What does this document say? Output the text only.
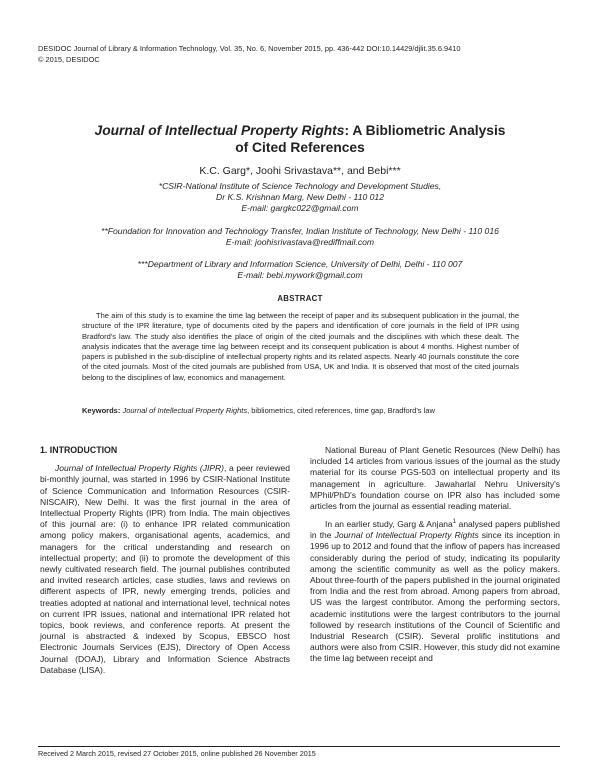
DESIDOC Journal of Library & Information Technology, Vol. 35, No. 6, November 2015, pp. 436-442 DOI:10.14429/djlit.35.6.9410
© 2015, DESIDOC
Journal of Intellectual Property Rights: A Bibliometric Analysis
of Cited References
K.C. Garg*, Joohi Srivastava**, and Bebi***
*CSIR-National Institute of Science Technology and Development Studies,
Dr K.S. Krishnan Marg, New Delhi - 110 012
E-mail: gargkc022@gmail.com
**Foundation for Innovation and Technology Transfer, Indian Institute of Technology, New Delhi - 110 016
E-mail: joohisrivastava@rediffmail.com
***Department of Library and Information Science, University of Delhi, Delhi - 110 007
E-mail: bebi.mywork@gmail.com
ABSTRACT

The aim of this study is to examine the time lag between the receipt of paper and its subsequent publication in the journal, the structure of the IPR literature, type of documents cited by the papers and identification of core journals in the field of IPR using Bradford's law. The study also identifies the place of origin of the cited journals and the disciplines with which these dealt. The analysis indicates that the average time lag between receipt and its consequent publication is about 4 months. Highest number of papers is published in the sub-discipline of intellectual property rights and its related aspects. Nearly 40 journals constitute the core of the cited journals. Most of the cited journals are published from USA, UK and India. It is observed that most of the cited journals belong to the disciplines of law, economics and management.

Keywords: Journal of Intellectual Property Rights, bibliometrics, cited references, time gap, Bradford's law

1. INTRODUCTION

Journal of Intellectual Property Rights (JIPR), a peer reviewed bi-monthly journal, was started in 1996 by CSIR-National Institute of Science Communication and Information Resources (CSIR-NISCAIR), New Delhi. It was the first journal in the area of Intellectual Property Rights (IPR) from India. The main objectives of this journal are: (i) to enhance IPR related communication among policy makers, organisational agents, academics, and managers for the critical understanding and research on intellectual property; and (ii) to promote the development of this newly cultivated research field. The journal publishes contributed and invited research articles, case studies, laws and reviews on different aspects of IPR, newly emerging trends, policies and treaties adopted at national and international level, technical notes on current IPR issues, national and international IPR related hot topics, book reviews, and conference reports. At present the journal is abstracted & indexed by Scopus, EBSCO host Electronic Journals Services (EJS), Directory of Open Access Journal (DOAJ), Library and Information Science Abstracts Database (LISA).

National Bureau of Plant Genetic Resources (New Delhi) has included 14 articles from various issues of the journal as the study material for its course PGS-503 on intellectual property and its management in agriculture. Jawaharlal Nehru University's MPhil/PhD's foundation course on IPR also has included some articles from the journal as essential reading material.

In an earlier study, Garg & Anjana$^1$ analysed papers published in the Journal of Intellectual Property Rights since its inception in 1996 up to 2012 and found that the inflow of papers has increased considerably during the period of study, indicating its popularity among the scientific community as well as the policy makers. About three-fourth of the papers published in the journal originated from India and the rest from abroad. Among papers from abroad, US was the largest contributor. Among the performing sectors, academic institutions were the largest contributors to the journal followed by research institutions of the Council of Scientific and Industrial Research (CSIR). Several prolific institutions and authors were also from CSIR. However, this study did not examine the time lag between receipt and

Received 2 March 2015, revised 27 October 2015, online published 26 November 2015
